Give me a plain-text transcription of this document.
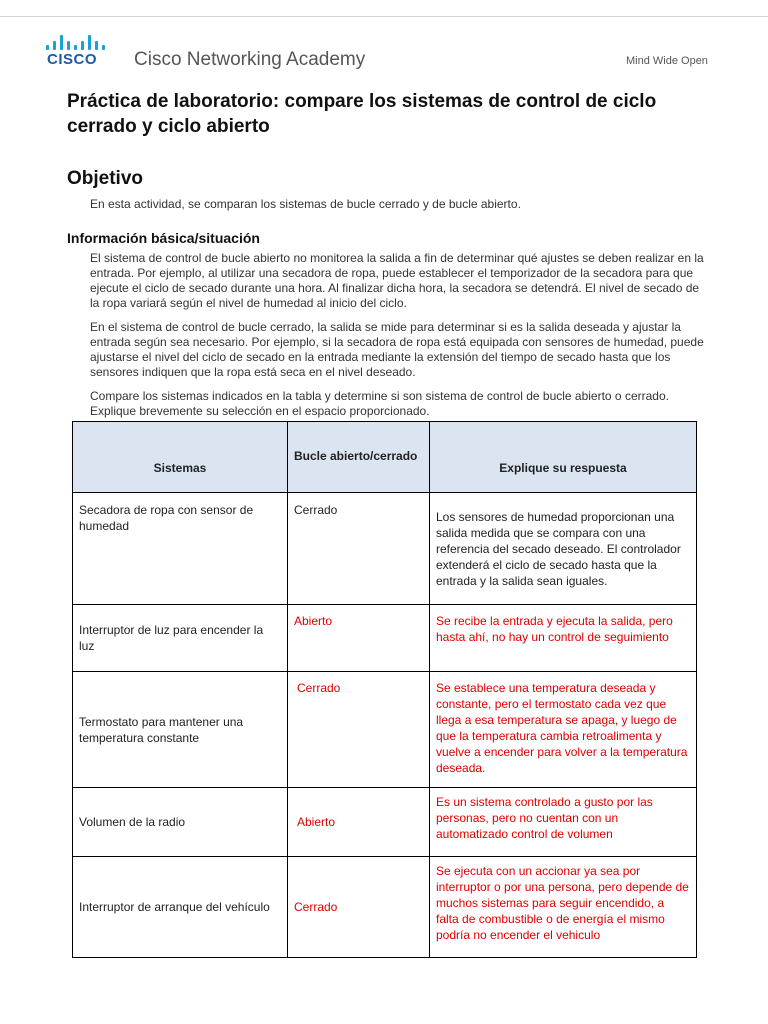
CISCO Cisco Networking Academy	Mind Wide Open
Práctica de laboratorio: compare los sistemas de control de ciclo cerrado y ciclo abierto
Objetivo
En esta actividad, se comparan los sistemas de bucle cerrado y de bucle abierto.
Información básica/situación
El sistema de control de bucle abierto no monitorea la salida a fin de determinar qué ajustes se deben realizar en la entrada. Por ejemplo, al utilizar una secadora de ropa, puede establecer el temporizador de la secadora para que ejecute el ciclo de secado durante una hora. Al finalizar dicha hora, la secadora se detendrá. El nivel de secado de la ropa variará según el nivel de humedad al inicio del ciclo.
En el sistema de control de bucle cerrado, la salida se mide para determinar si es la salida deseada y ajustar la entrada según sea necesario. Por ejemplo, si la secadora de ropa está equipada con sensores de humedad, puede ajustarse el nivel del ciclo de secado en la entrada mediante la extensión del tiempo de secado hasta que los sensores indiquen que la ropa está seca en el nivel deseado.
Compare los sistemas indicados en la tabla y determine si son sistema de control de bucle abierto o cerrado. Explique brevemente su selección en el espacio proporcionado.
Sistemas	Bucle abierto/cerrado	Explique su respuesta
Secadora de ropa con sensor de humedad	Cerrado	Los sensores de humedad proporcionan una salida medida que se compara con una referencia del secado deseado. El controlador extenderá el ciclo de secado hasta que la entrada y la salida sean iguales.
Interruptor de luz para encender la luz	Abierto	Se recibe la entrada y ejecuta la salida, pero hasta ahí, no hay un control de seguimiento
Termostato para mantener una temperatura constante	Cerrado	Se establece una temperatura deseada y constante, pero el termostato cada vez que llega a esa temperatura se apaga, y luego de que la temperatura cambia retroalimenta y vuelve a encender para volver a la temperatura deseada.
Volumen de la radio	Abierto	Es un sistema controlado a gusto por las personas, pero no cuentan con un automatizado control de volumen
Interruptor de arranque del vehículo	Cerrado	Se ejecuta con un accionar ya sea por interruptor o por una persona, pero depende de muchos sistemas para seguir encendido, a falta de combustible o de energía el mismo podría no encender el vehiculo
